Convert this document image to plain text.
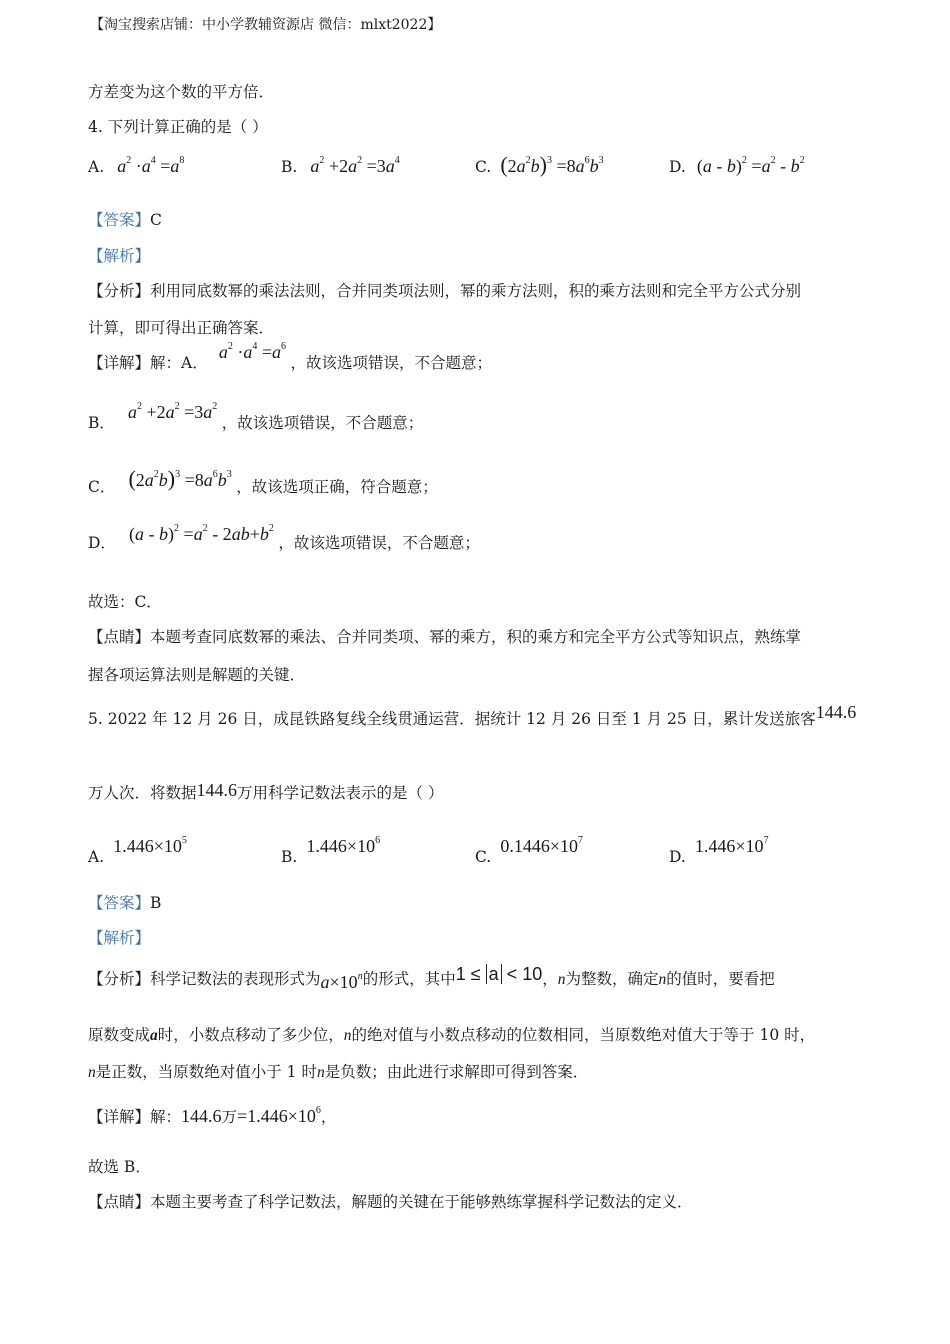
【淘宝搜索店铺：中小学教辅资源店 微信：mlxt2022】
方差变为这个数的平方倍．
4. 下列计算正确的是（ ）
A. $a^2 \cdot a^4 =a^8$	B. $a^2 +2a^2 =3a^4$	C. $(2a^2b)^3 =8a^6b^3$	D. $(a - b)^2 =a^2 - b^2$
【答案】C
【解析】
【分析】利用同底数幂的乘法法则，合并同类项法则，幂的乘方法则，积的乘方法则和完全平方公式分别
计算，即可得出正确答案．
【详解】解：A． $a^2 \cdot a^4 =a^6$ ，故该选项错误，不合题意；
B． $a^2 +2a^2 =3a^2$ ，故该选项错误，不合题意；
C． $(2a^2b)^3 =8a^6b^3$ ，故该选项正确，符合题意；
D． $(a - b)^2 =a^2 - 2ab+b^2$ ，故该选项错误，不合题意；
故选：C．
【点睛】本题考查同底数幂的乘法、合并同类项、幂的乘方，积的乘方和完全平方公式等知识点，熟练掌
握各项运算法则是解题的关键．
5. 2022 年 12 月 26 日，成昆铁路复线全线贯通运营．据统计 12 月 26 日至 1 月 25 日，累计发送旅客144.6
万人次．将数据144.6万用科学记数法表示的是（ ）
A. $1.446\times 10^5$
B. $1.446\times 10^6$
C. $0.1446\times 10^7$
D. $1.446\times 10^7$
【答案】B
【解析】
【分析】科学记数法的表现形式为$a\times 10^n$的形式，其中1 ≤ a < 10，n为整数，确定n的值时，要看把
原数变成a时，小数点移动了多少位，n的绝对值与小数点移动的位数相同，当原数绝对值大于等于 10 时，
n是正数，当原数绝对值小于 1 时n是负数；由此进行求解即可得到答案．
【详解】解：144.6万$=1.446\times 10^6$，
故选 B．
【点睛】本题主要考查了科学记数法，解题的关键在于能够熟练掌握科学记数法的定义．
